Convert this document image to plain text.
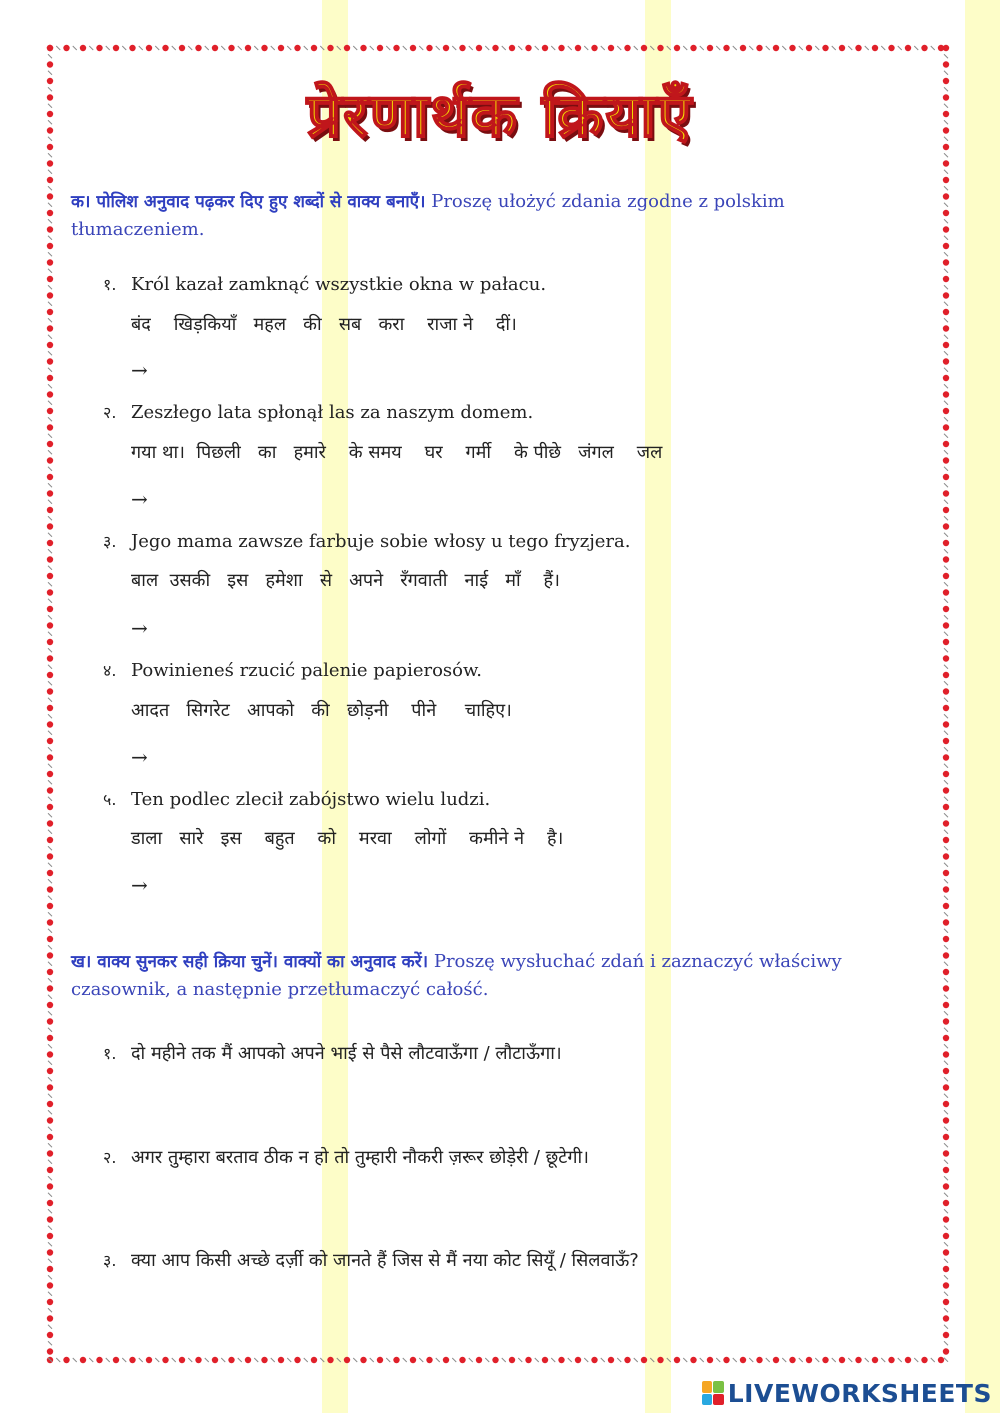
प्रेरणार्थक क्रियाएँ
क। पोलिश अनुवाद पढ़कर दिए हुए शब्दों से वाक्य बनाएँ। Proszę ułożyć zdania zgodne z polskim tłumaczeniem.
१. Król kazał zamknąć wszystkie okna w pałacu.
बंद    खिड़कियाँ   महल   की   सब   करा    राजा ने    दीं।
→
२. Zeszłego lata spłonął las za naszym domem.
गया था।  पिछली   का   हमारे    के समय    घर    गर्मी    के पीछे   जंगल    जल
→
३. Jego mama zawsze farbuje sobie włosy u tego fryzjera.
बाल  उसकी   इस   हमेशा   से   अपने   रँगवाती   नाई   माँ    हैं।
→
४. Powinieneś rzucić palenie papierosów.
आदत   सिगरेट   आपको   की   छोड़नी    पीने     चाहिए।
→
५. Ten podlec zlecił zabójstwo wielu ludzi.
डाला   सारे   इस    बहुत    को    मरवा    लोगों    कमीने ने    है।
→
ख। वाक्य सुनकर सही क्रिया चुनें। वाक्यों का अनुवाद करें। Proszę wysłuchać zdań i zaznaczyć właściwy czasownik, a następnie przetłumaczyć całość.
१. दो महीने तक मैं आपको अपने भाई से पैसे लौटवाऊँगा / लौटाऊँगा।
२. अगर तुम्हारा बरताव ठीक न हो तो तुम्हारी नौकरी ज़रूर छोड़ेरी / छूटेगी।
३. क्या आप किसी अच्छे दर्ज़ी को जानते हैं जिस से मैं नया कोट सियूँ / सिलवाऊँ?
LIVEWORKSHEETS
